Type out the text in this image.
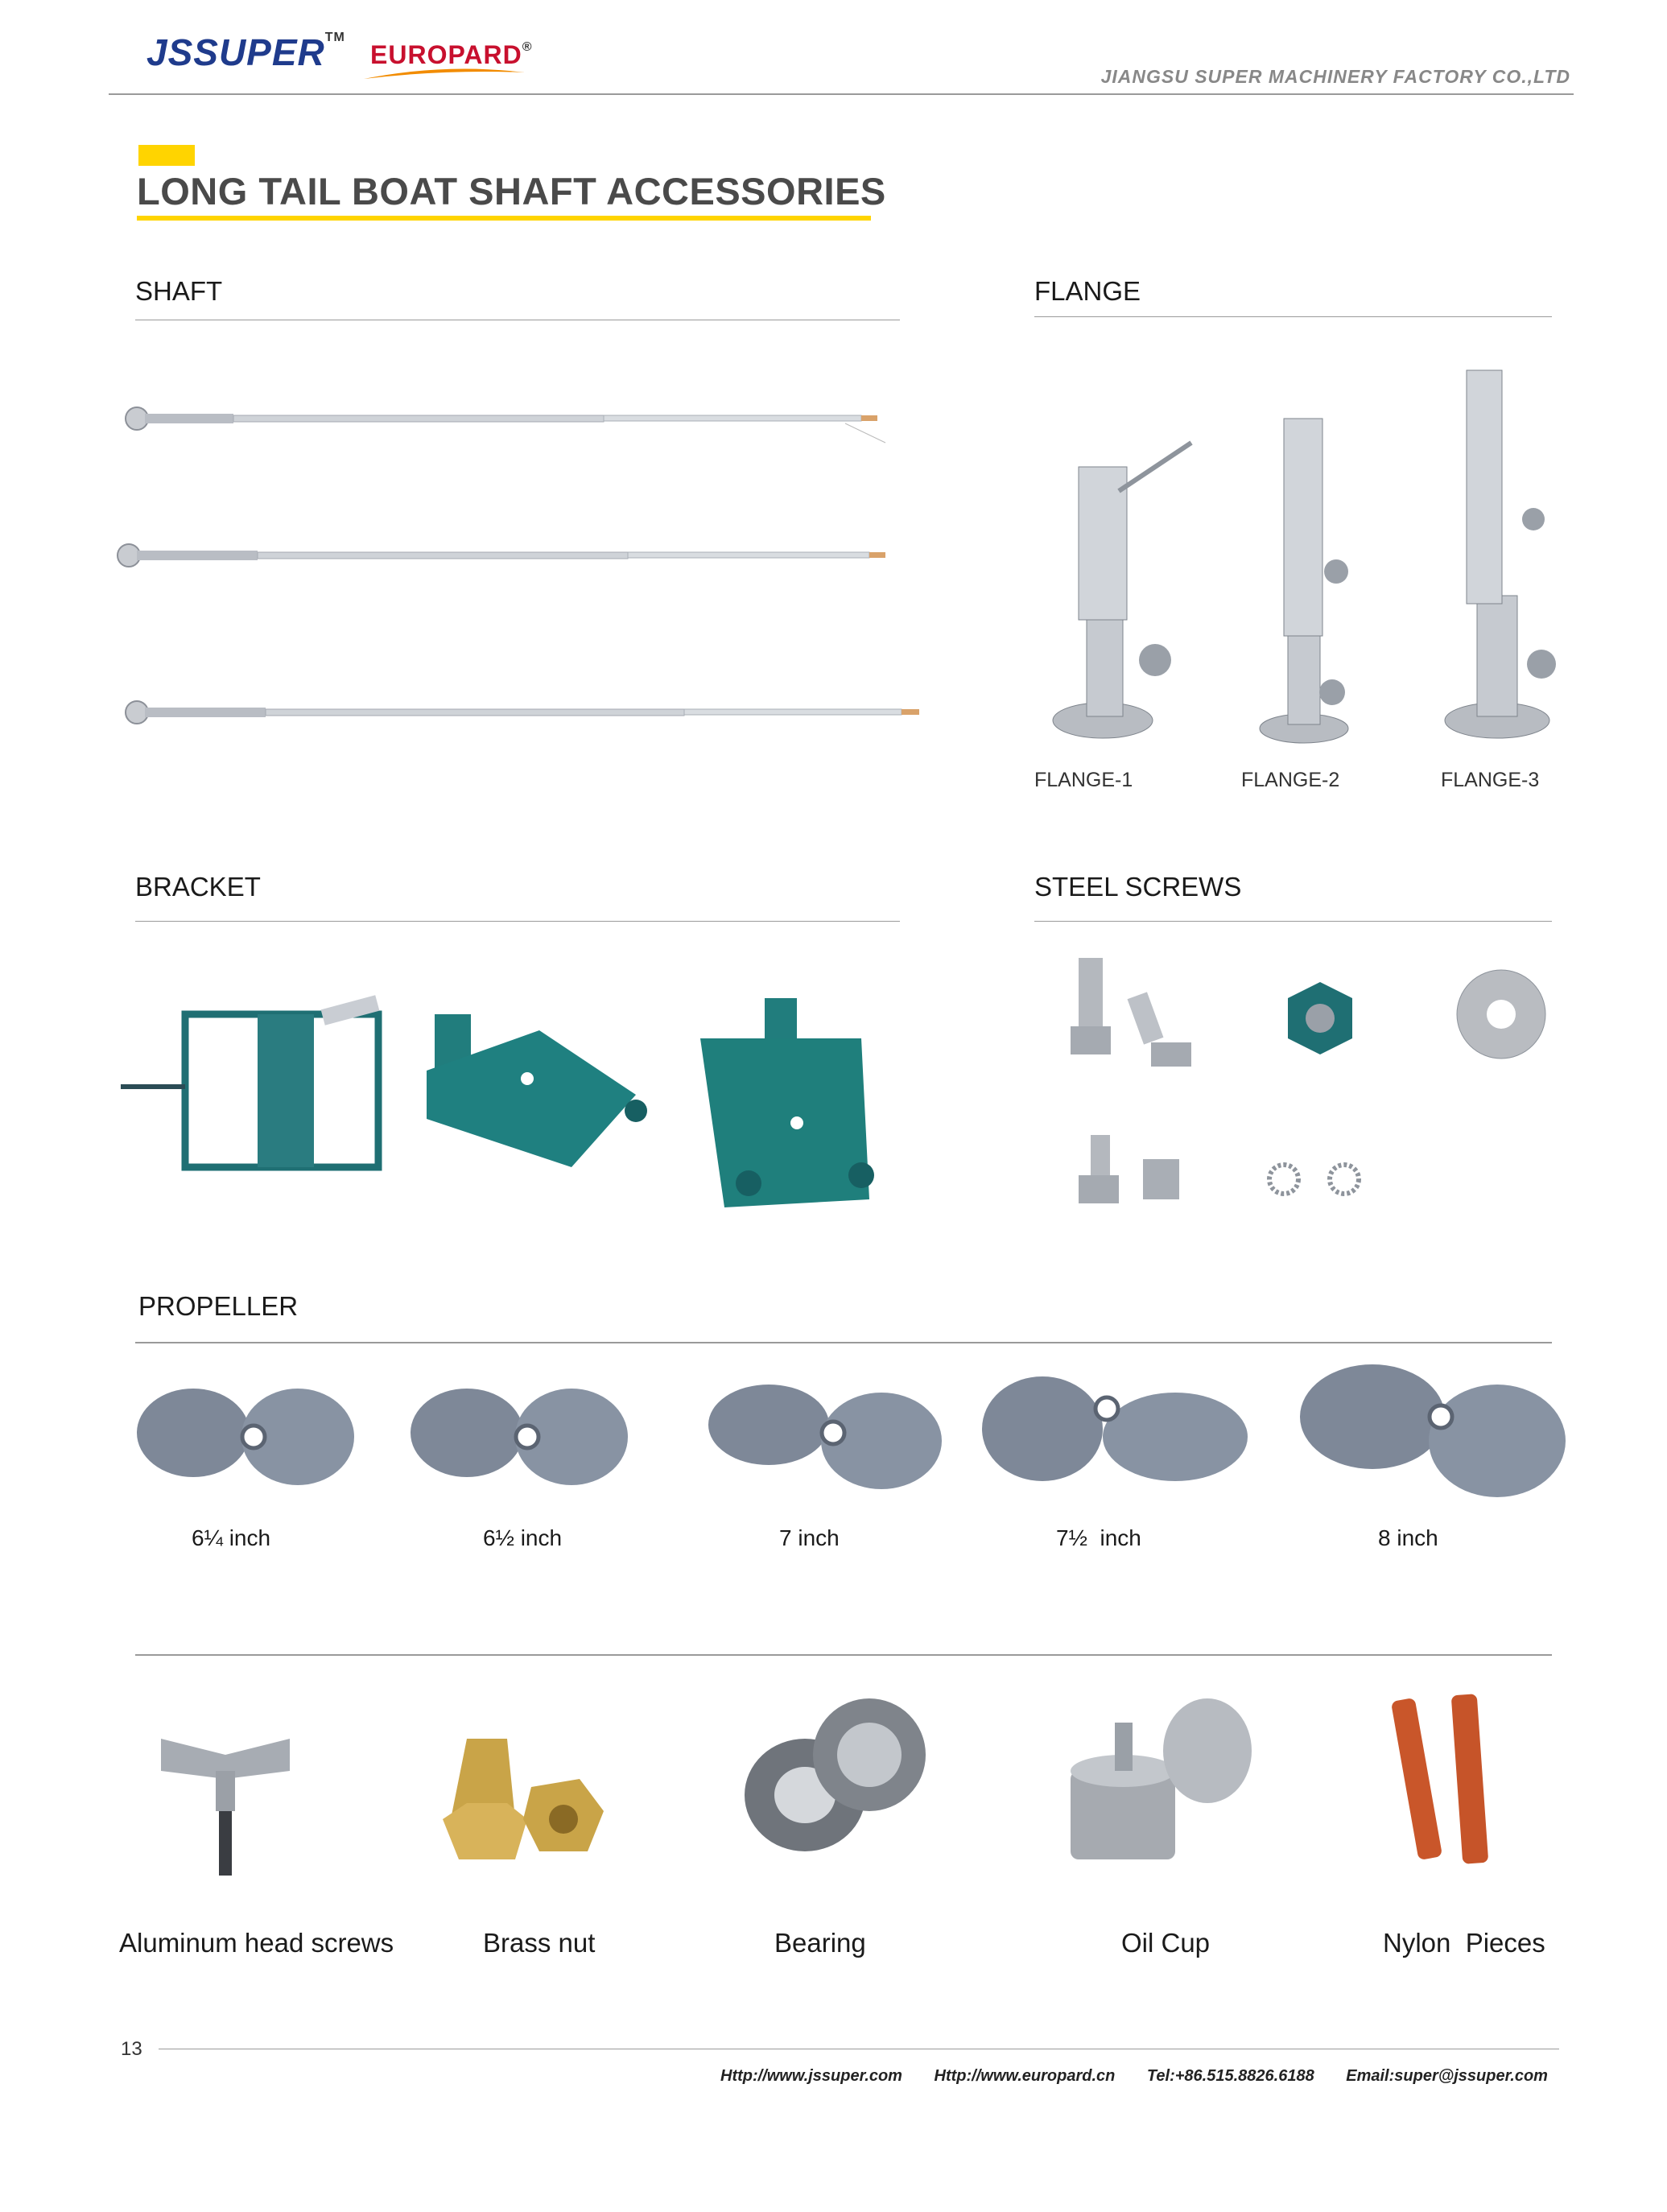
JSSUPER™
EUROPARD®
JIANGSU SUPER MACHINERY FACTORY CO.,LTD
LONG TAIL BOAT SHAFT ACCESSORIES
SHAFT	FLANGE
FLANGE-1	FLANGE-2	FLANGE-3
BRACKET	STEEL SCREWS
PROPELLER
6¼ inch	6½ inch	7 inch	7½  inch	8 inch
Aluminum head screws	Brass nut	Bearing	Oil Cup	Nylon  Pieces
13
Http://www.jssuper.com Http://www.europard.cn Tel:+86.515.8826.6188 Email:super@jssuper.com
